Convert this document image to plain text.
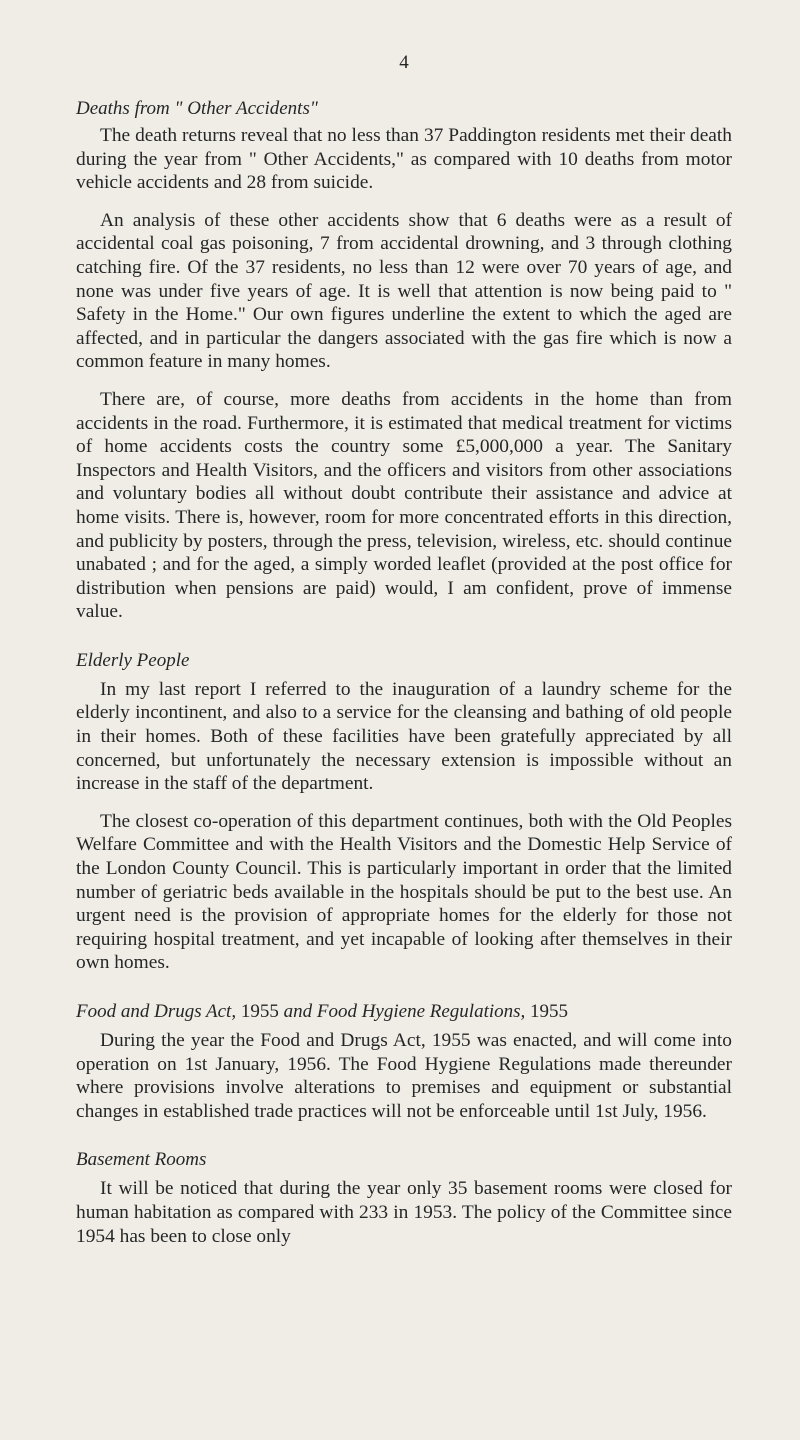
4
Deaths from " Other Accidents"

The death returns reveal that no less than 37 Paddington residents met their death during the year from " Other Accidents," as compared with 10 deaths from motor vehicle accidents and 28 from suicide.

An analysis of these other accidents show that 6 deaths were as a result of accidental coal gas poisoning, 7 from accidental drowning, and 3 through clothing catching fire. Of the 37 residents, no less than 12 were over 70 years of age, and none was under five years of age. It is well that attention is now being paid to " Safety in the Home." Our own figures underline the extent to which the aged are affected, and in particular the dangers associated with the gas fire which is now a common feature in many homes.

There are, of course, more deaths from accidents in the home than from accidents in the road. Furthermore, it is estimated that medical treatment for victims of home accidents costs the country some £5,000,000 a year. The Sanitary Inspectors and Health Visitors, and the officers and visitors from other associations and voluntary bodies all without doubt contribute their assistance and advice at home visits. There is, however, room for more concentrated efforts in this direction, and publicity by posters, through the press, television, wireless, etc. should continue unabated ; and for the aged, a simply worded leaflet (provided at the post office for distribution when pensions are paid) would, I am confident, prove of immense value.

Elderly People

In my last report I referred to the inauguration of a laundry scheme for the elderly incontinent, and also to a service for the cleansing and bathing of old people in their homes. Both of these facilities have been gratefully appreciated by all concerned, but unfortunately the necessary extension is impossible without an increase in the staff of the department.

The closest co-operation of this department continues, both with the Old Peoples Welfare Committee and with the Health Visitors and the Domestic Help Service of the London County Council. This is particularly important in order that the limited number of geriatric beds available in the hospitals should be put to the best use. An urgent need is the provision of appropriate homes for the elderly for those not requiring hospital treatment, and yet incapable of looking after themselves in their own homes.

Food and Drugs Act, 1955 and Food Hygiene Regulations, 1955

During the year the Food and Drugs Act, 1955 was enacted, and will come into operation on 1st January, 1956. The Food Hygiene Regulations made thereunder where provisions involve alterations to premises and equipment or substantial changes in established trade practices will not be enforceable until 1st July, 1956.

Basement Rooms

It will be noticed that during the year only 35 basement rooms were closed for human habitation as compared with 233 in 1953. The policy of the Committee since 1954 has been to close only
